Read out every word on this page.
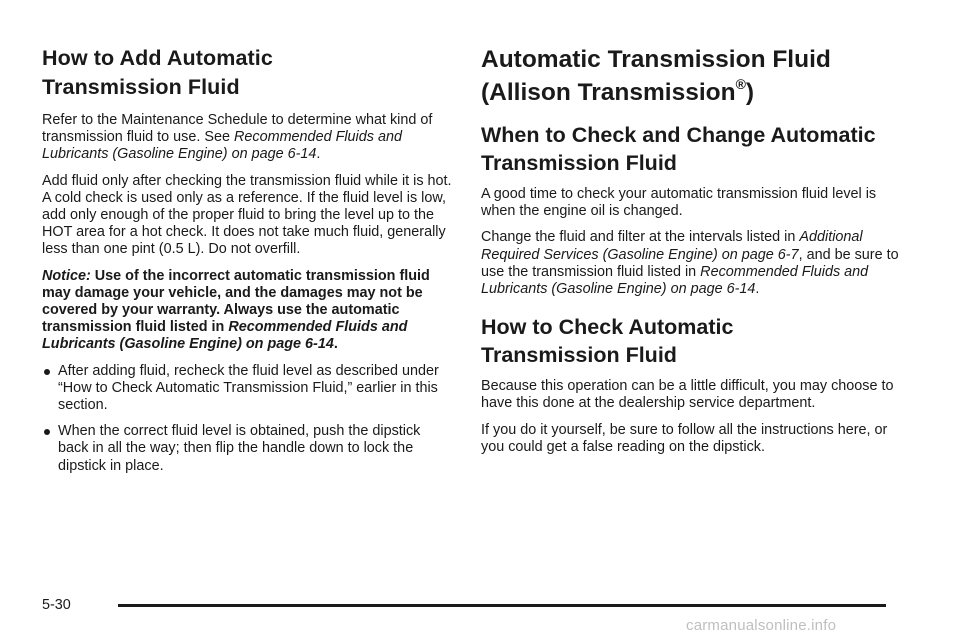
How to Add Automatic
Transmission Fluid

Refer to the Maintenance Schedule to determine what kind of transmission fluid to use. See Recommended Fluids and Lubricants (Gasoline Engine) on page 6-14.

Add fluid only after checking the transmission fluid while it is hot. A cold check is used only as a reference. If the fluid level is low, add only enough of the proper fluid to bring the level up to the HOT area for a hot check. It does not take much fluid, generally less than one pint (0.5 L). Do not overfill.

Notice: Use of the incorrect automatic transmission fluid may damage your vehicle, and the damages may not be covered by your warranty. Always use the automatic transmission fluid listed in Recommended Fluids and Lubricants (Gasoline Engine) on page 6-14.

After adding fluid, recheck the fluid level as described under “How to Check Automatic Transmission Fluid,” earlier in this section.
When the correct fluid level is obtained, push the dipstick back in all the way; then flip the handle down to lock the dipstick in place.
Automatic Transmission Fluid
(Allison Transmission®)
When to Check and Change Automatic
Transmission Fluid

A good time to check your automatic transmission fluid level is when the engine oil is changed.

Change the fluid and filter at the intervals listed in Additional Required Services (Gasoline Engine) on page 6-7, and be sure to use the transmission fluid listed in Recommended Fluids and Lubricants (Gasoline Engine) on page 6-14.

How to Check Automatic
Transmission Fluid

Because this operation can be a little difficult, you may choose to have this done at the dealership service department.

If you do it yourself, be sure to follow all the instructions here, or you could get a false reading on the dipstick.

5-30
carmanualsonline.info
